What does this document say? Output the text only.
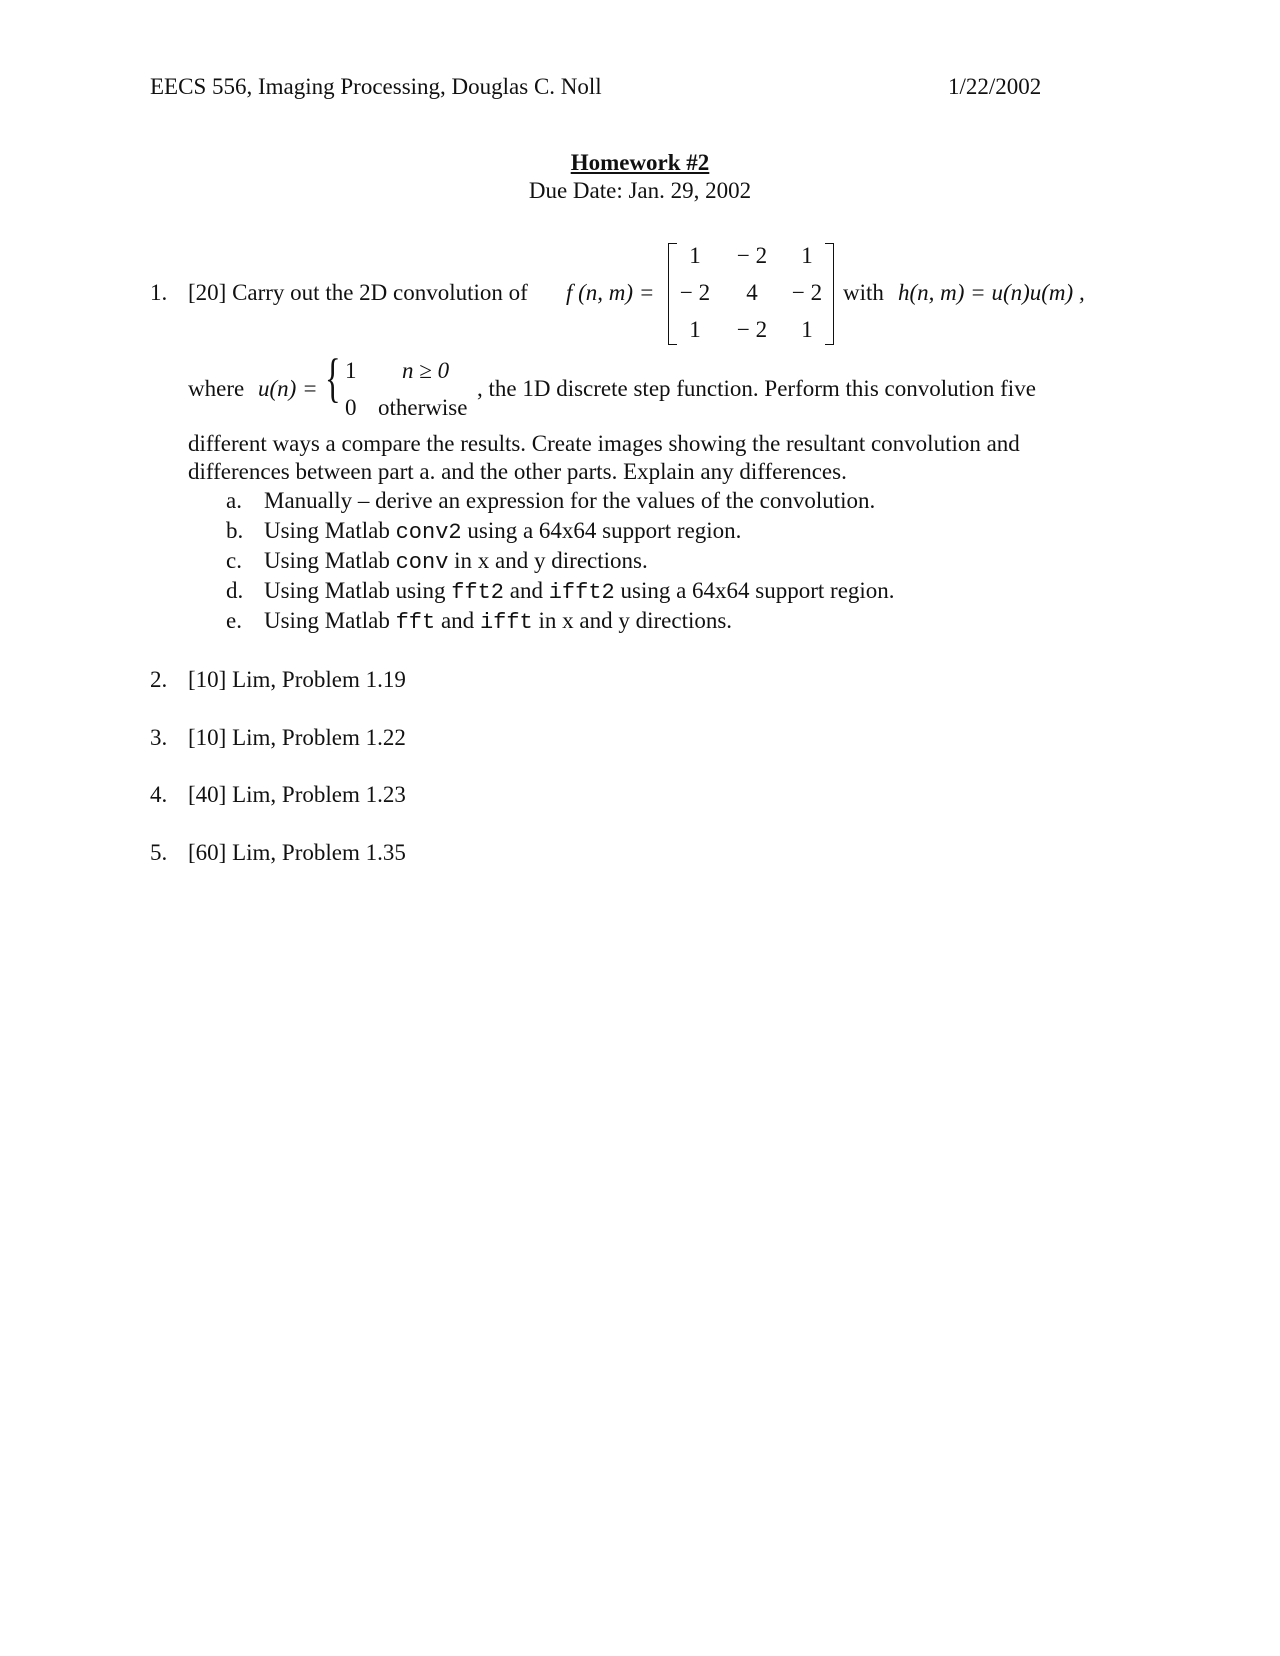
EECS 556, Imaging Processing, Douglas C. Noll	1/22/2002
Homework #2
Due Date: Jan. 29, 2002
1. [20] Carry out the 2D convolution of f (n, m) =
1	− 2	1
− 2	4	− 2
1	− 2	1
with h(n, m) = u(n)u(m) ,
where u(n) = { 1 n ≥ 0
0 otherwise
, the 1D discrete step function. Perform this convolution five
different ways a compare the results. Create images showing the resultant convolution and
differences between part a. and the other parts. Explain any differences.
a. Manually – derive an expression for the values of the convolution.
b. Using Matlab conv2 using a 64x64 support region.
c. Using Matlab conv in x and y directions.
d. Using Matlab using fft2 and ifft2 using a 64x64 support region.
e. Using Matlab fft and ifft in x and y directions.
2. [10] Lim, Problem 1.19
3. [10] Lim, Problem 1.22
4. [40] Lim, Problem 1.23
5. [60] Lim, Problem 1.35
